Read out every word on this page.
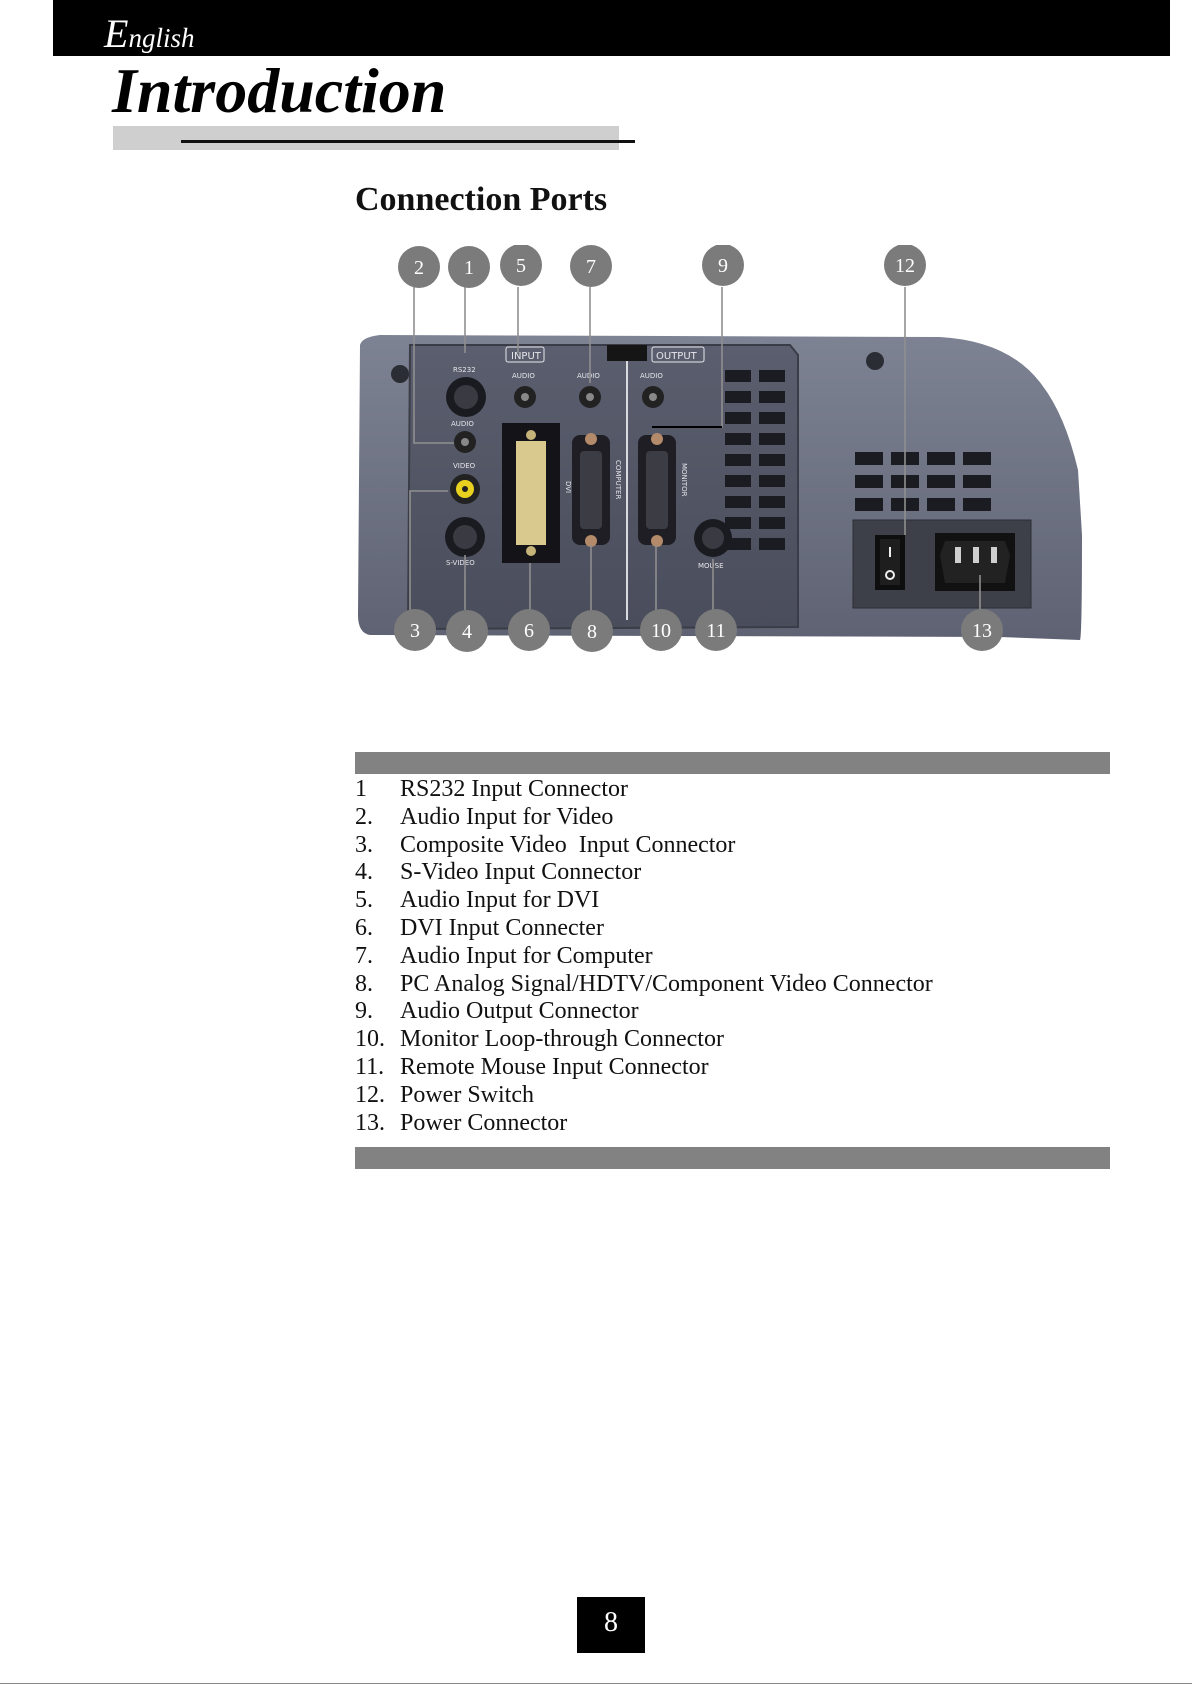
English
Introduction
Connection Ports
RS232
AUDIO
VIDEO
S-VIDEO
AUDIO	AUDIO	AUDIO
MOUSE
DVI	COMPUTER	MONITOR
INPUT	OUTPUT
2 1 5	7	9	12
3 4	6	8	10 11	13
1 RS232 Input Connector
2. Audio Input for Video
3. Composite Video  Input Connector
4. S-Video Input Connector
5. Audio Input for DVI
6. DVI Input Connecter
7. Audio Input for Computer
8. PC Analog Signal/HDTV/Component Video Connector
9. Audio Output Connector
10. Monitor Loop-through Connector
11. Remote Mouse Input Connector
12. Power Switch
13. Power Connector
8
